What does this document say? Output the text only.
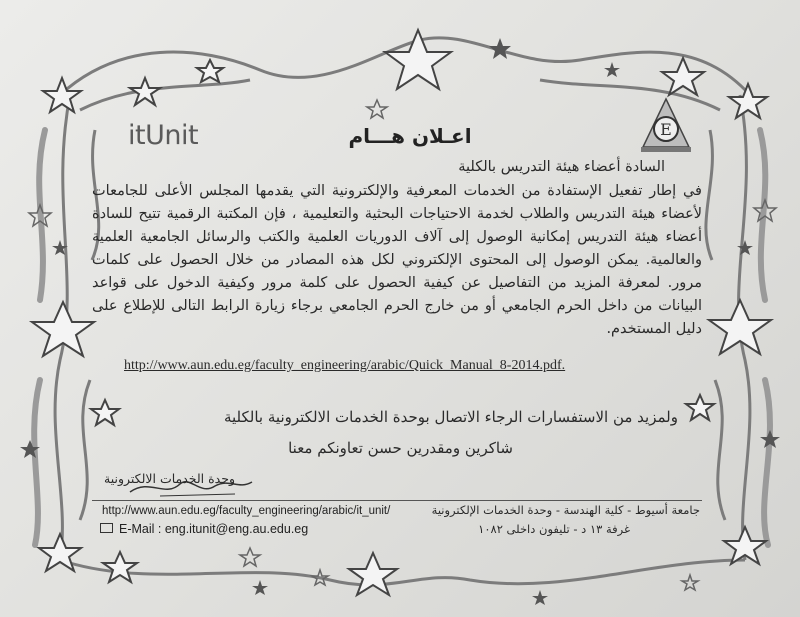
itUnit	E
اعـلان هـــام
السادة أعضاء هيئة التدريس بالكلية
في إطار تفعيل الإستفادة من الخدمات المعرفية والإلكترونية التي يقدمها المجلس الأعلى للجامعات لأعضاء هيئة التدريس والطلاب لخدمة الاحتياجات البحثية والتعليمية ، فإن المكتبة الرقمية تتيح للسادة أعضاء هيئة التدريس إمكانية الوصول إلى آلاف الدوريات العلمية والكتب والرسائل الجامعية العلمية والعالمية. يمكن الوصول إلى المحتوى الإلكتروني لكل هذه المصادر من خلال الحصول على كلمات مرور. لمعرفة المزيد من التفاصيل عن كيفية الحصول على كلمة مرور وكيفية الدخول على قواعد البيانات من داخل الحرم الجامعي أو من خارج الحرم الجامعي برجاء زيارة الرابط التالى للإطلاع على دليل المستخدم.
http://www.aun.edu.eg/faculty_engineering/arabic/Quick_Manual_8-2014.pdf.
ولمزيد من الاستفسارات الرجاء الاتصال بوحدة الخدمات الالكترونية بالكلية
شاكرين ومقدرين حسن تعاونكم معنا
وحدة الخدمات الالكترونية
http://www.aun.edu.eg/faculty_engineering/arabic/it_unit/
E-Mail : eng.itunit@eng.au.edu.eg
جامعة أسيوط - كلية الهندسة - وحدة الخدمات الإلكترونية
غرفة ١٣ د - تليفون داخلى ١٠٨٢
